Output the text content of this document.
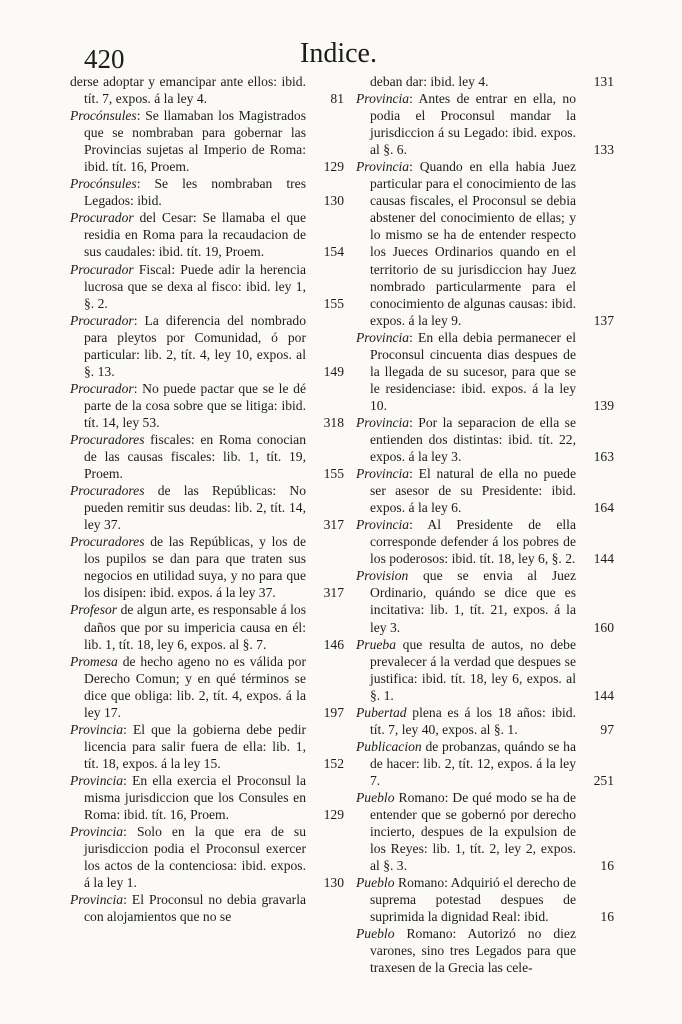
420	Indice.
derse adoptar y emancipar ante ellos: ibid. tít. 7, expos. á la ley 4.	81
Procónsules: Se llamaban los Magistrados que se nombraban para gobernar las Provincias sujetas al Imperio de Roma: ibid. tít. 16, Proem.	129
Procónsules: Se les nombraban tres Legados: ibid.	130
Procurador del Cesar: Se llamaba el que residia en Roma para la recaudacion de sus caudales: ibid. tít. 19, Proem.	154
Procurador Fiscal: Puede adir la herencia lucrosa que se dexa al fisco: ibid. ley 1, §. 2.	155
Procurador: La diferencia del nombrado para pleytos por Comunidad, ó por particular: lib. 2, tít. 4, ley 10, expos. al §. 13.	149
Procurador: No puede pactar que se le dé parte de la cosa sobre que se litiga: ibid. tít. 14, ley 53.	318
Procuradores fiscales: en Roma conocian de las causas fiscales: lib. 1, tít. 19, Proem.	155
Procuradores de las Repúblicas: No pueden remitir sus deudas: lib. 2, tít. 14, ley 37.	317
Procuradores de las Repúblicas, y los de los pupilos se dan para que traten sus negocios en utilidad suya, y no para que los disipen: ibid. expos. á la ley 37.	317
Profesor de algun arte, es responsable á los daños que por su impericia causa en él: lib. 1, tít. 18, ley 6, expos. al §. 7.	146
Promesa de hecho ageno no es válida por Derecho Comun; y en qué términos se dice que obliga: lib. 2, tít. 4, expos. á la ley 17.	197
Provincia: El que la gobierna debe pedir licencia para salir fuera de ella: lib. 1, tít. 18, expos. á la ley 15.	152
Provincia: En ella exercia el Proconsul la misma jurisdiccion que los Consules en Roma: ibid. tít. 16, Proem.	129
Provincia: Solo en la que era de su jurisdiccion podia el Proconsul exercer los actos de la contenciosa: ibid. expos. á la ley 1.	130
Provincia: El Proconsul no debia gravarla con alojamientos que no se
deban dar: ibid. ley 4.	131
Provincia: Antes de entrar en ella, no podia el Proconsul mandar la jurisdiccion á su Legado: ibid. expos. al §. 6.	133
Provincia: Quando en ella habia Juez particular para el conocimiento de las causas fiscales, el Proconsul se debia abstener del conocimiento de ellas; y lo mismo se ha de entender respecto los Jueces Ordinarios quando en el territorio de su jurisdiccion hay Juez nombrado particularmente para el conocimiento de algunas causas: ibid. expos. á la ley 9.	137
Provincia: En ella debia permanecer el Proconsul cincuenta dias despues de la llegada de su sucesor, para que se le residenciase: ibid. expos. á la ley 10.	139
Provincia: Por la separacion de ella se entienden dos distintas: ibid. tít. 22, expos. á la ley 3.	163
Provincia: El natural de ella no puede ser asesor de su Presidente: ibid. expos. á la ley 6.	164
Provincia: Al Presidente de ella corresponde defender á los pobres de los poderosos: ibid. tít. 18, ley 6, §. 2. 144
Provision que se envia al Juez Ordinario, quándo se dice que es incitativa: lib. 1, tít. 21, expos. á la ley 3.	160
Prueba que resulta de autos, no debe prevalecer á la verdad que despues se justifica: ibid. tít. 18, ley 6, expos. al §. 1.	144
Pubertad plena es á los 18 años: ibid. tít. 7, ley 40, expos. al §. 1.	97
Publicacion de probanzas, quándo se ha de hacer: lib. 2, tít. 12, expos. á la ley 7.	251
Pueblo Romano: De qué modo se ha de entender que se gobernó por derecho incierto, despues de la expulsion de los Reyes: lib. 1, tít. 2, ley 2, expos. al §. 3.	16
Pueblo Romano: Adquirió el derecho de suprema potestad despues de suprimida la dignidad Real: ibid.	16
Pueblo Romano: Autorizó no diez varones, sino tres Legados para que traxesen de la Grecia las cele-
